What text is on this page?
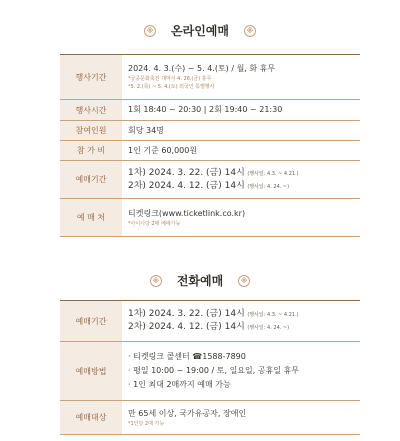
※ 온라인예매	※
행사기간		2024. 4. 3.(수) ~ 5. 4.(토) / 월, 화 휴무
*궁중문화축전 개막식 4. 26.(금) 휴무
*5. 2.(목) ~ 5. 4.(토) 외국인 특별행사

행사시간		1회 18:40 ~ 20:30 | 2회 19:40 ~ 21:30
참여인원		회당 34명
참 가 비		1인 기준 60,000원
예매기간		1차) 2024. 3. 22. (금) 14시 (행사일: 4.3. ~ 4.21.)
2차) 2024. 4. 12. (금) 14시 (행사일: 4. 24. ~)

예 매 처		티켓링크(www.ticketlink.co.kr)
*아이디당 2매 예매가능
※ 전화예매	※
예매기간		1차) 2024. 3. 22. (금) 14시 (행사일: 4.3. ~ 4.21.)
2차) 2024. 4. 12. (금) 14시 (행사일: 4. 24. ~)

예매방법		· 티켓링크 콜센터 ☎1588-7890
· 평일 10:00 ~ 19:00 / 토, 일요일, 공휴일 휴무
· 1인 최대 2매까지 예매 가능

예매대상		만 65세 이상, 국가유공자, 장애인
*1인당 2매 가능
